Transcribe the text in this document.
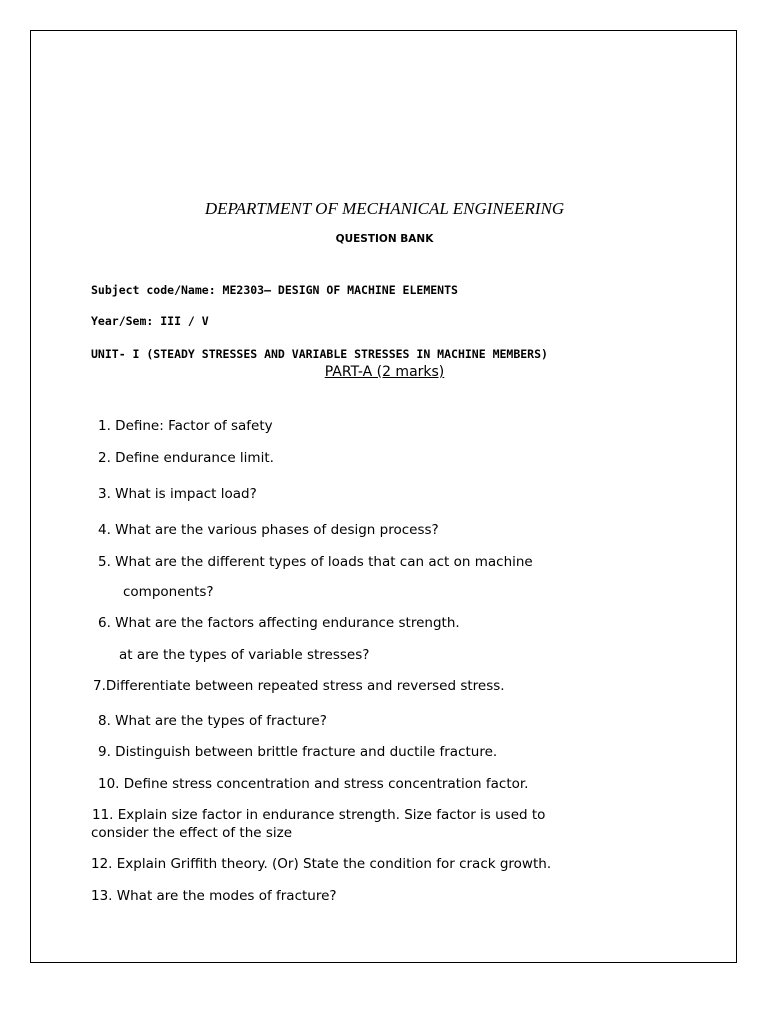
DEPARTMENT OF MECHANICAL ENGINEERING
QUESTION BANK
Subject code/Name: ME2303– DESIGN OF MACHINE ELEMENTS
Year/Sem: III / V
UNIT- I (STEADY STRESSES AND VARIABLE STRESSES IN MACHINE MEMBERS)
PART-A (2 marks)
1. Define: Factor of safety
2. Define endurance limit.
3. What is impact load?
4. What are the various phases of design process?
5. What are the different types of loads that can act on machine
components?
6. What are the factors affecting endurance strength.
at are the types of variable stresses?
7.Differentiate between repeated stress and reversed stress.
8. What are the types of fracture?
9. Distinguish between brittle fracture and ductile fracture.
10. Define stress concentration and stress concentration factor.
11. Explain size factor in endurance strength. Size factor is used to
consider the effect of the size
12. Explain Griffith theory. (Or) State the condition for crack growth.
13. What are the modes of fracture?
